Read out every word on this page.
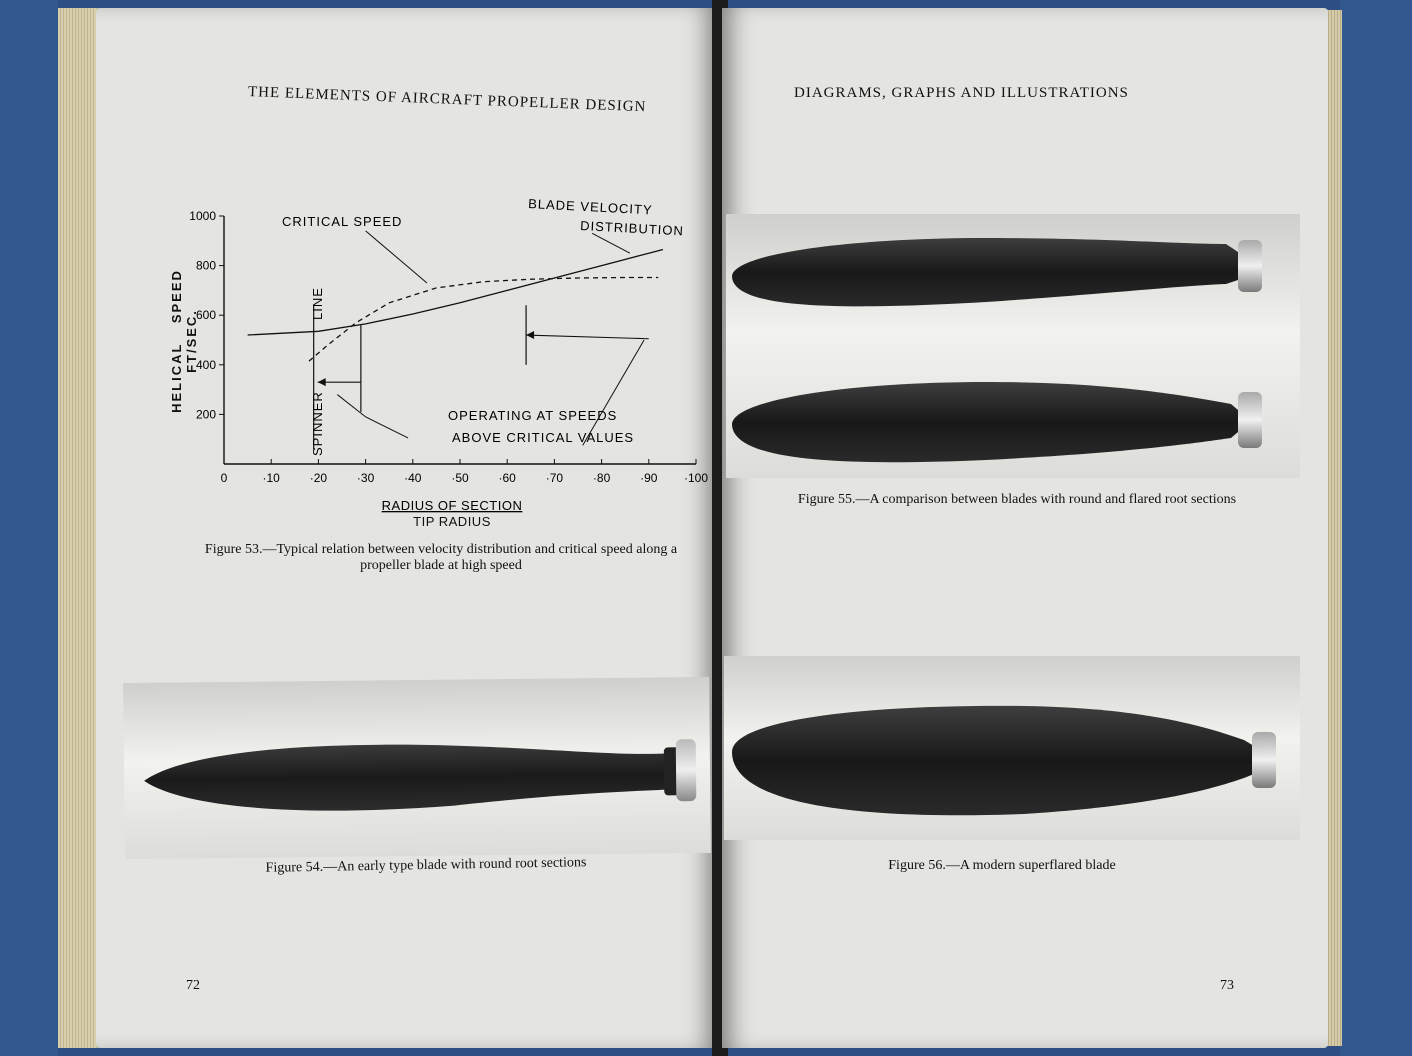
THE ELEMENTS OF AIRCRAFT PROPELLER DESIGN
0	·10 ·20 ·30 ·40 ·50 ·60 ·70 ·80 ·90 ·100
200
400
600
800
1000	CRITICAL SPEED
BLADE VELOCITY
DISTRIBUTION
LINE
SPINNER	OPERATING AT SPEEDS
ABOVE CRITICAL VALUES
RADIUS OF SECTION
TIP RADIUS
HELICAL SPEED FT/SEC.
Figure 53.—Typical relation between velocity distribution and critical speed along a
propeller blade at high speed
Figure 54.—An early type blade with round root sections
72
DIAGRAMS, GRAPHS AND ILLUSTRATIONS
Figure 55.—A comparison between blades with round and flared root sections
Figure 56.—A modern superflared blade
73
